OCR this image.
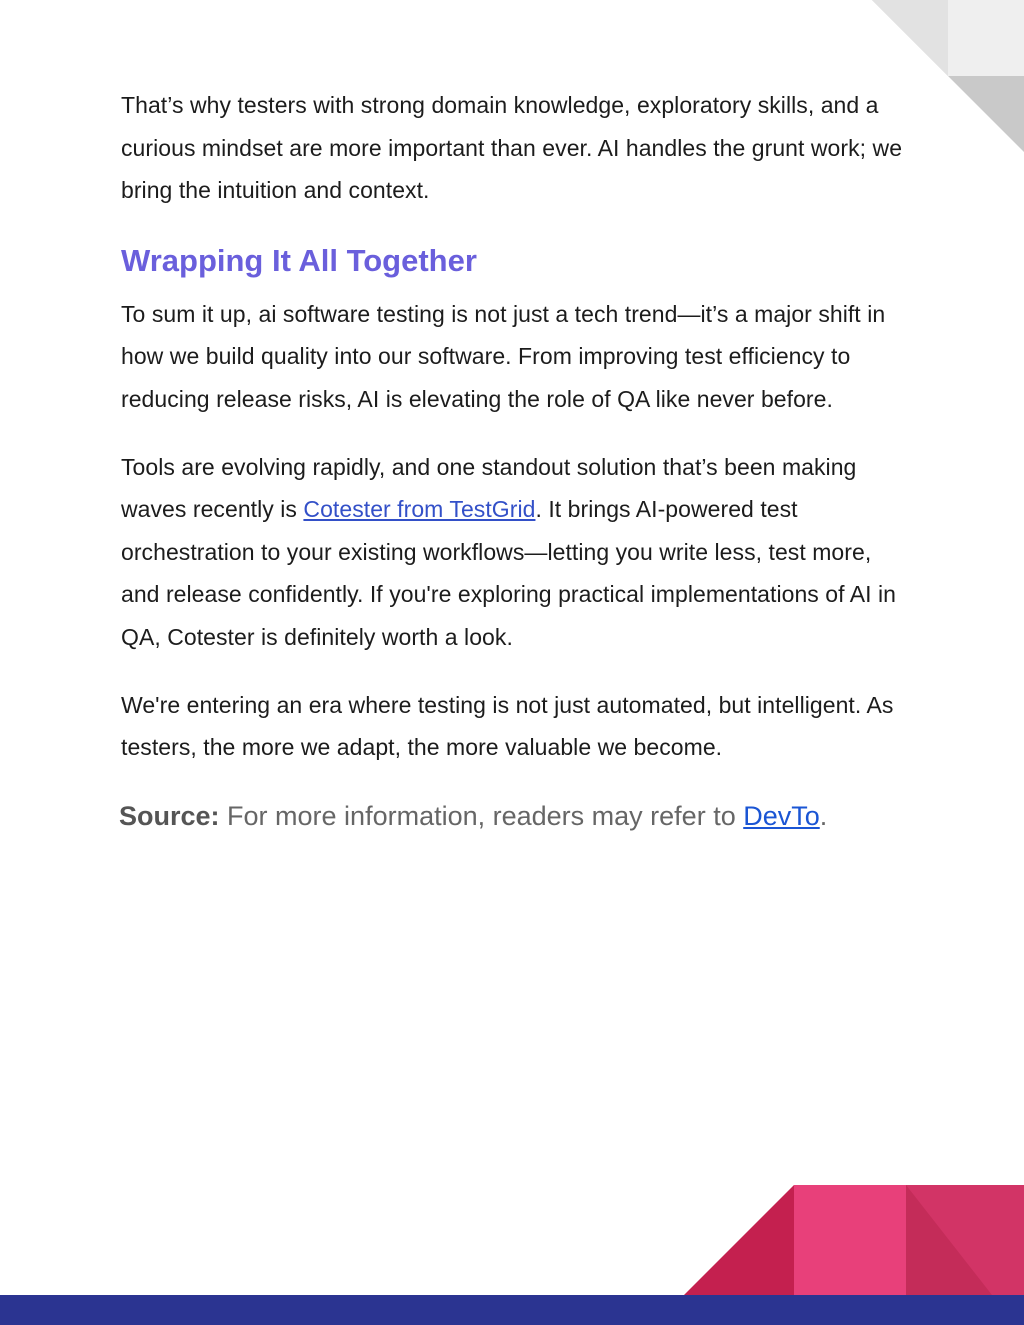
That’s why testers with strong domain knowledge, exploratory skills, and a curious mindset are more important than ever. AI handles the grunt work; we bring the intuition and context.

Wrapping It All Together

To sum it up, ai software testing is not just a tech trend—it’s a major shift in how we build quality into our software. From improving test efficiency to reducing release risks, AI is elevating the role of QA like never before.

Tools are evolving rapidly, and one standout solution that’s been making waves recently is Cotester from TestGrid. It brings AI-powered test orchestration to your existing workflows—letting you write less, test more, and release confidently. If you're exploring practical implementations of AI in QA, Cotester is definitely worth a look.

We're entering an era where testing is not just automated, but intelligent. As testers, the more we adapt, the more valuable we become.

Source: For more information, readers may refer to DevTo.
